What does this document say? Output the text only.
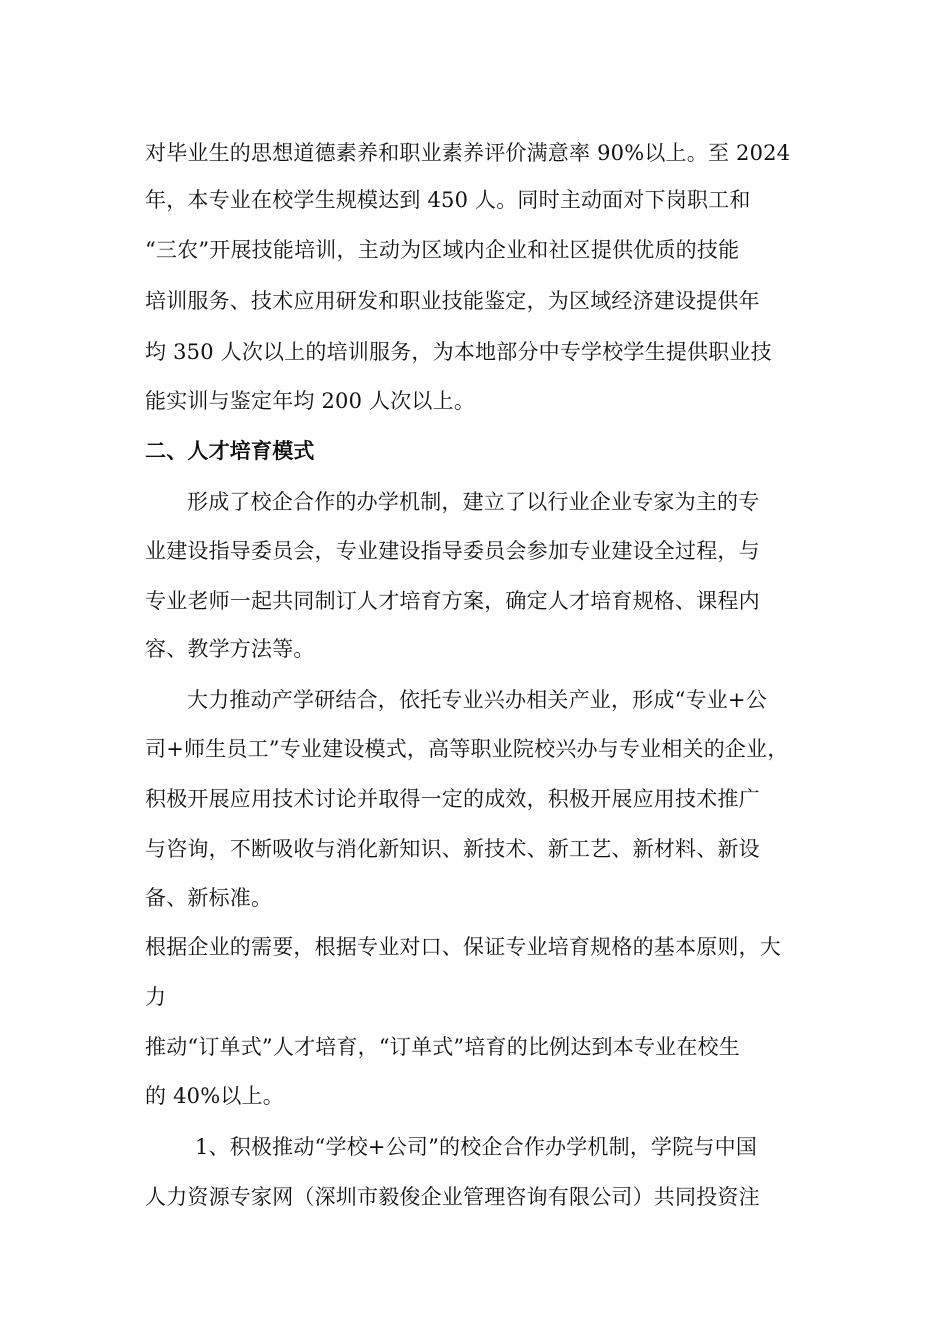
对毕业生的思想道德素养和职业素养评价满意率 90%以上。至 2024
年，本专业在校学生规模达到 450 人。同时主动面对下岗职工和
“三农”开展技能培训，主动为区域内企业和社区提供优质的技能
培训服务、技术应用研发和职业技能鉴定，为区域经济建设提供年
均 350 人次以上的培训服务，为本地部分中专学校学生提供职业技
能实训与鉴定年均 200 人次以上。
二、人才培育模式
形成了校企合作的办学机制，建立了以行业企业专家为主的专
业建设指导委员会，专业建设指导委员会参加专业建设全过程，与
专业老师一起共同制订人才培育方案，确定人才培育规格、课程内
容、教学方法等。
大力推动产学研结合，依托专业兴办相关产业，形成“专业+公
司+师生员工”专业建设模式，高等职业院校兴办与专业相关的企业，
积极开展应用技术讨论并取得一定的成效，积极开展应用技术推广
与咨询，不断吸收与消化新知识、新技术、新工艺、新材料、新设
备、新标准。
根据企业的需要，根据专业对口、保证专业培育规格的基本原则，大
力
推动“订单式”人才培育，“订单式”培育的比例达到本专业在校生
的 40%以上。
1、积极推动“学校+公司”的校企合作办学机制，学院与中国
人力资源专家网（深圳市毅俊企业管理咨询有限公司）共同投资注
